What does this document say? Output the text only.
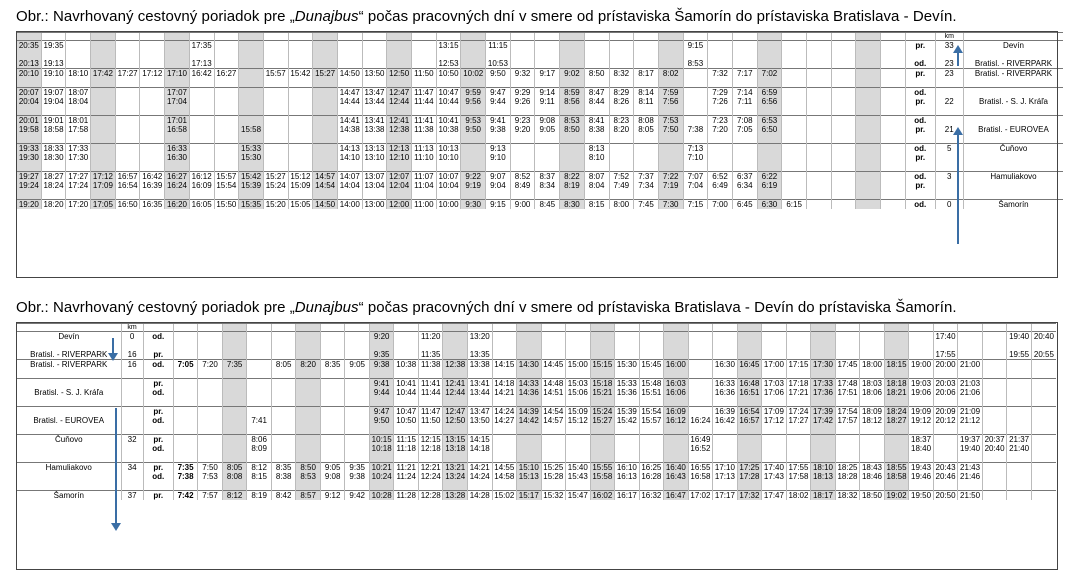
Obr.: Navrhovaný cestovný poriadok pre „Dunajbus“ počas pracovných dní v smere od prístaviska Šamorín do prístaviska Bratislava - Devín.
																																					km	
20:35	19:35						17:35										13:15		11:15								9:15									pr.	33	Devín

20:13	19:13						17:13										12:53		10:53								8:53									od.	23	Bratisl. - RIVERPARK
20:10	19:10	18:10	17:42	17:27	17:12	17:10	16:42	16:27		15:57	15:42	15:27	14:50	13:50	12:50	11:50	10:50	10:02	9:50	9:32	9:17	9:02	8:50	8:32	8:17	8:02		7:32	7:17	7:02						pr.	23	Bratisl. - RIVERPARK

20:07	19:07	18:07				17:07							14:47	13:47	12:47	11:47	10:47	9:59	9:47	9:29	9:14	8:59	8:47	8:29	8:14	7:59		7:29	7:14	6:59						od.		
20:04	19:04	18:04				17:04							14:44	13:44	12:44	11:44	10:44	9:56	9:44	9:26	9:11	8:56	8:44	8:26	8:11	7:56		7:26	7:11	6:56						pr.	22	Bratisl. - S. J. Kráľa

20:01	19:01	18:01				17:01							14:41	13:41	12:41	11:41	10:41	9:53	9:41	9:23	9:08	8:53	8:41	8:23	8:08	7:53		7:23	7:08	6:53						od.		
19:58	18:58	17:58				16:58			15:58				14:38	13:38	12:38	11:38	10:38	9:50	9:38	9:20	9:05	8:50	8:38	8:20	8:05	7:50	7:38	7:20	7:05	6:50						pr.	21	Bratisl. - EUROVEA

19:33	18:33	17:33				16:33			15:33				14:13	13:13	12:13	11:13	10:13		9:13				8:13				7:13									od.	5	Čuňovo
19:30	18:30	17:30				16:30			15:30				14:10	13:10	12:10	11:10	10:10		9:10				8:10				7:10									pr.		

19:27	18:27	17:27	17:12	16:57	16:42	16:27	16:12	15:57	15:42	15:27	15:12	14:57	14:07	13:07	12:07	11:07	10:07	9:22	9:07	8:52	8:37	8:22	8:07	7:52	7:37	7:22	7:07	6:52	6:37	6:22						od.	3	Hamuliakovo
19:24	18:24	17:24	17:09	16:54	16:39	16:24	16:09	15:54	15:39	15:24	15:09	14:54	14:04	13:04	12:04	11:04	10:04	9:19	9:04	8:49	8:34	8:19	8:04	7:49	7:34	7:19	7:04	6:49	6:34	6:19						pr.		

19:20	18:20	17:20	17:05	16:50	16:35	16:20	16:05	15:50	15:35	15:20	15:05	14:50	14:00	13:00	12:00	11:00	10:00	9:30	9:15	9:00	8:45	8:30	8:15	8:00	7:45	7:30	7:15	7:00	6:45	6:30	6:15					od.	0	Šamorín
Obr.: Navrhovaný cestovný poriadok pre „Dunajbus“ počas pracovných dní v smere od prístaviska Bratislava - Devín do prístaviska Šamorín.
	km																																					
Devín	0	od.									9:20		11:20		13:20																			17:40			19:40	20:40

Bratisl. - RIVERPARK	16	pr.									9:35		11:35		13:35																			17:55			19:55	20:55
Bratisl. - RIVERPARK	16	od.	7:05	7:20	7:35		8:05	8:20	8:35	9:05	9:38	10:38	11:38	12:38	13:38	14:15	14:30	14:45	15:00	15:15	15:30	15:45	16:00		16:30	16:45	17:00	17:15	17:30	17:45	18:00	18:15	19:00	20:00	21:00			

		pr.									9:41	10:41	11:41	12:41	13:41	14:18	14:33	14:48	15:03	15:18	15:33	15:48	16:03		16:33	16:48	17:03	17:18	17:33	17:48	18:03	18:18	19:03	20:03	21:03			
Bratisl. - S. J. Kráľa		od.									9:44	10:44	11:44	12:44	13:44	14:21	14:36	14:51	15:06	15:21	15:36	15:51	16:06		16:36	16:51	17:06	17:21	17:36	17:51	18:06	18:21	19:06	20:06	21:06			

		pr.									9:47	10:47	11:47	12:47	13:47	14:24	14:39	14:54	15:09	15:24	15:39	15:54	16:09		16:39	16:54	17:09	17:24	17:39	17:54	18:09	18:24	19:09	20:09	21:09			
Bratisl. - EUROVEA		od.				7:41					9:50	10:50	11:50	12:50	13:50	14:27	14:42	14:57	15:12	15:27	15:42	15:57	16:12	16:24	16:42	16:57	17:12	17:27	17:42	17:57	18:12	18:27	19:12	20:12	21:12			

Čuňovo	32	pr.				8:06					10:15	11:15	12:15	13:15	14:15									16:49									18:37		19:37	20:37	21:37	
		od.				8:09					10:18	11:18	12:18	13:18	14:18									16:52									18:40		19:40	20:40	21:40	

Hamuliakovo	34	pr.	7:35	7:50	8:05	8:12	8:35	8:50	9:05	9:35	10:21	11:21	12:21	13:21	14:21	14:55	15:10	15:25	15:40	15:55	16:10	16:25	16:40	16:55	17:10	17:25	17:40	17:55	18:10	18:25	18:43	18:55	19:43	20:43	21:43			
		od.	7:38	7:53	8:08	8:15	8:38	8:53	9:08	9:38	10:24	11:24	12:24	13:24	14:24	14:58	15:13	15:28	15:43	15:58	16:13	16:28	16:43	16:58	17:13	17:28	17:43	17:58	18:13	18:28	18:46	18:58	19:46	20:46	21:46			

Šamorín	37	pr.	7:42	7:57	8:12	8:19	8:42	8:57	9:12	9:42	10:28	11:28	12:28	13:28	14:28	15:02	15:17	15:32	15:47	16:02	16:17	16:32	16:47	17:02	17:17	17:32	17:47	18:02	18:17	18:32	18:50	19:02	19:50	20:50	21:50			
